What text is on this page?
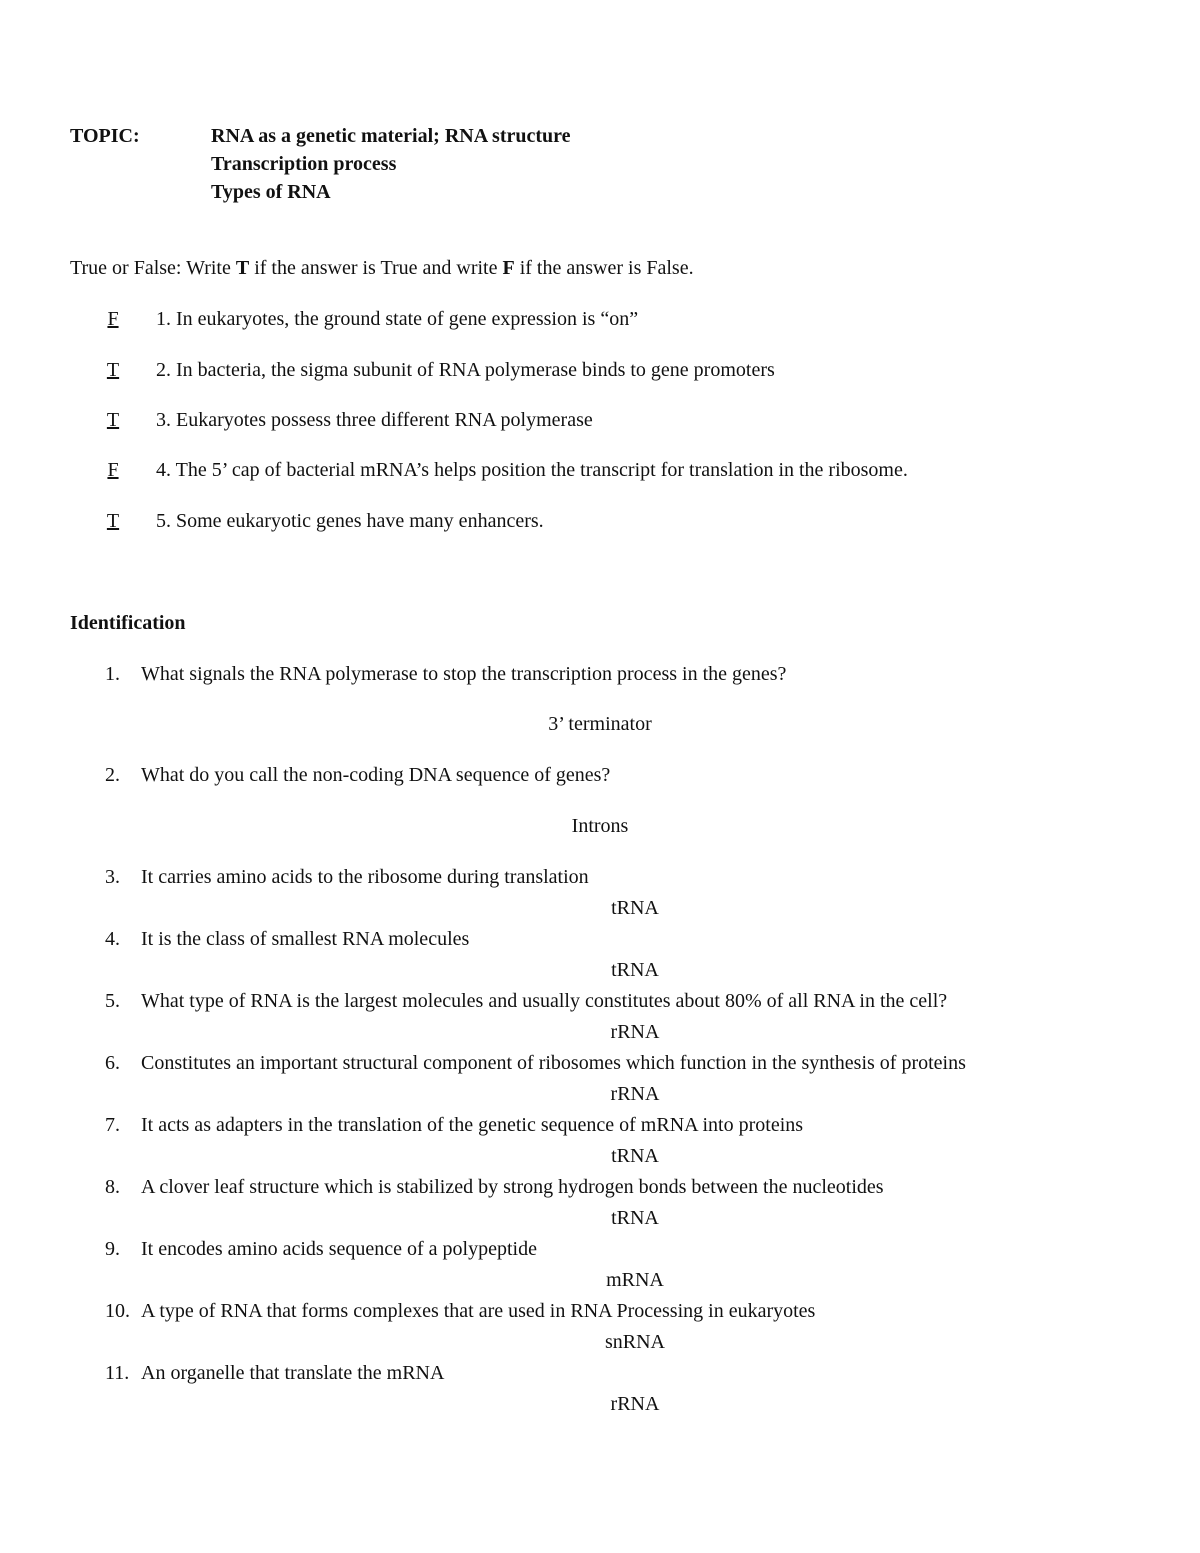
TOPIC:	RNA as a genetic material; RNA structure
Transcription process
Types of RNA
True or False: Write T if the answer is True and write F if the answer is False.
F 1. In eukaryotes, the ground state of gene expression is “on”
T 2. In bacteria, the sigma subunit of RNA polymerase binds to gene promoters
T 3. Eukaryotes possess three different RNA polymerase
F 4. The 5’ cap of bacterial mRNA’s helps position the transcript for translation in the ribosome.
T 5. Some eukaryotic genes have many enhancers.
Identification
1. What signals the RNA polymerase to stop the transcription process in the genes?
3’ terminator
2. What do you call the non-coding DNA sequence of genes?
Introns
3. It carries amino acids to the ribosome during translation
tRNA
4. It is the class of smallest RNA molecules
tRNA
5. What type of RNA is the largest molecules and usually constitutes about 80% of all RNA in the cell?
rRNA
6. Constitutes an important structural component of ribosomes which function in the synthesis of proteins
rRNA
7. It acts as adapters in the translation of the genetic sequence of mRNA into proteins
tRNA
8. A clover leaf structure which is stabilized by strong hydrogen bonds between the nucleotides
tRNA
9. It encodes amino acids sequence of a polypeptide
mRNA
10. A type of RNA that forms complexes that are used in RNA Processing in eukaryotes
snRNA
11. An organelle that translate the mRNA
rRNA
